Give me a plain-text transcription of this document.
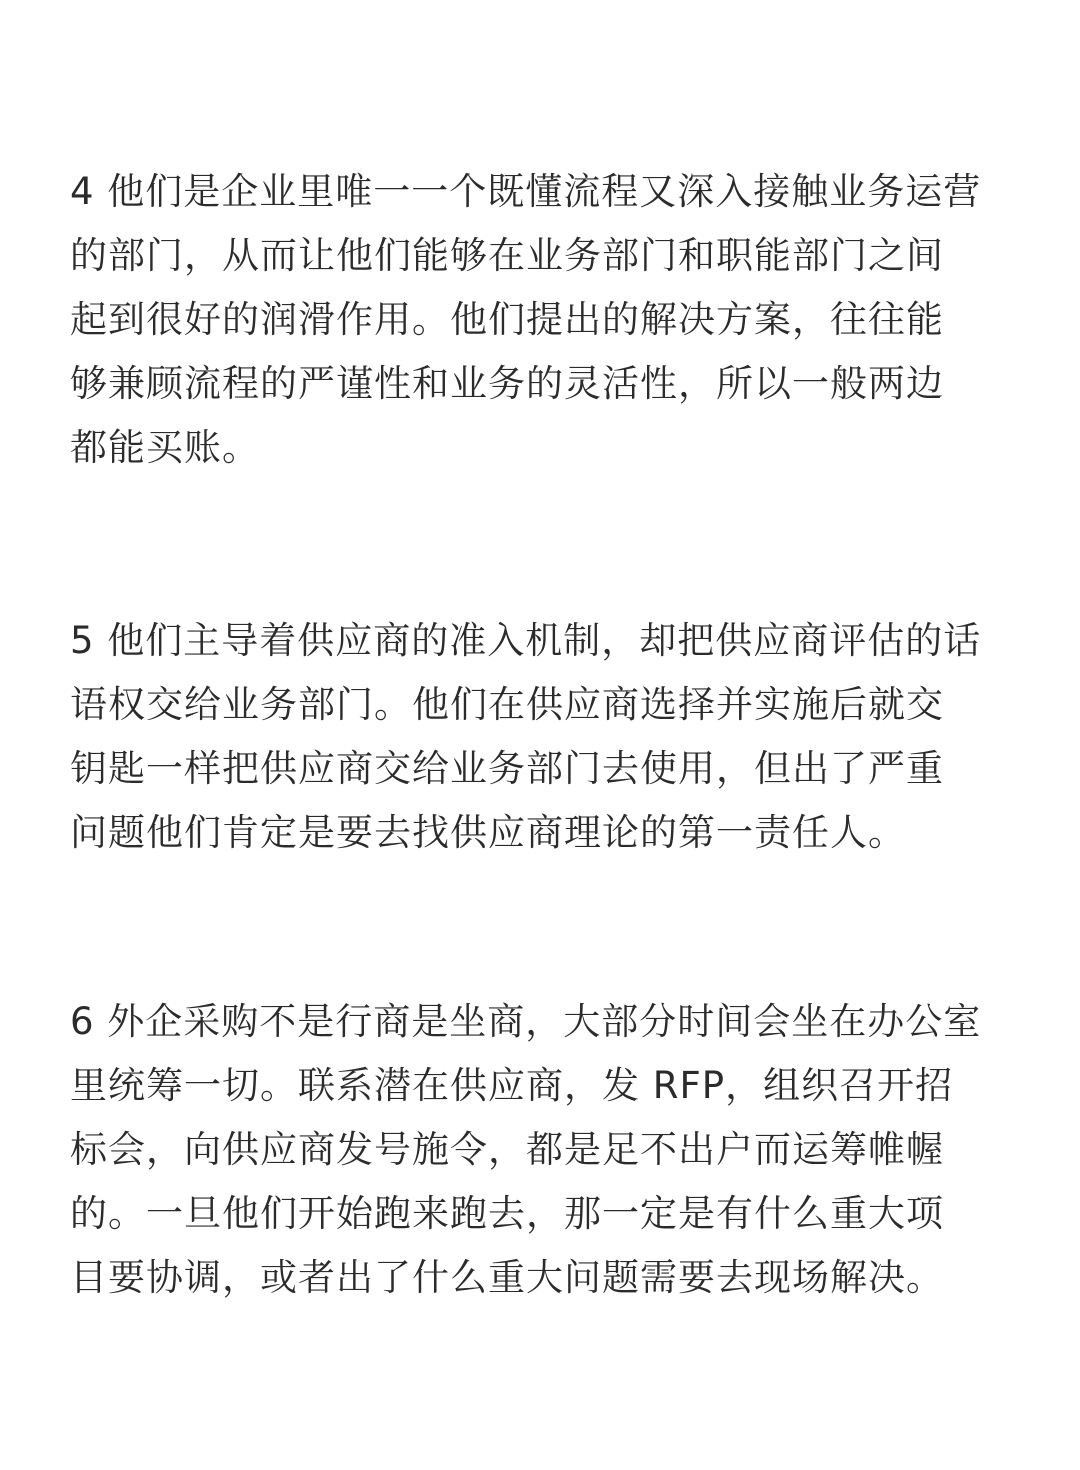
4 他们是企业里唯一一个既懂流程又深入接触业务运营
的部门，从而让他们能够在业务部门和职能部门之间
起到很好的润滑作用。他们提出的解决方案，往往能
够兼顾流程的严谨性和业务的灵活性，所以一般两边
都能买账。
5 他们主导着供应商的准入机制，却把供应商评估的话
语权交给业务部门。他们在供应商选择并实施后就交
钥匙一样把供应商交给业务部门去使用，但出了严重
问题他们肯定是要去找供应商理论的第一责任人。
6 外企采购不是行商是坐商，大部分时间会坐在办公室
里统筹一切。联系潜在供应商，发 RFP，组织召开招
标会，向供应商发号施令，都是足不出户而运筹帷幄
的。一旦他们开始跑来跑去，那一定是有什么重大项
目要协调，或者出了什么重大问题需要去现场解决。
